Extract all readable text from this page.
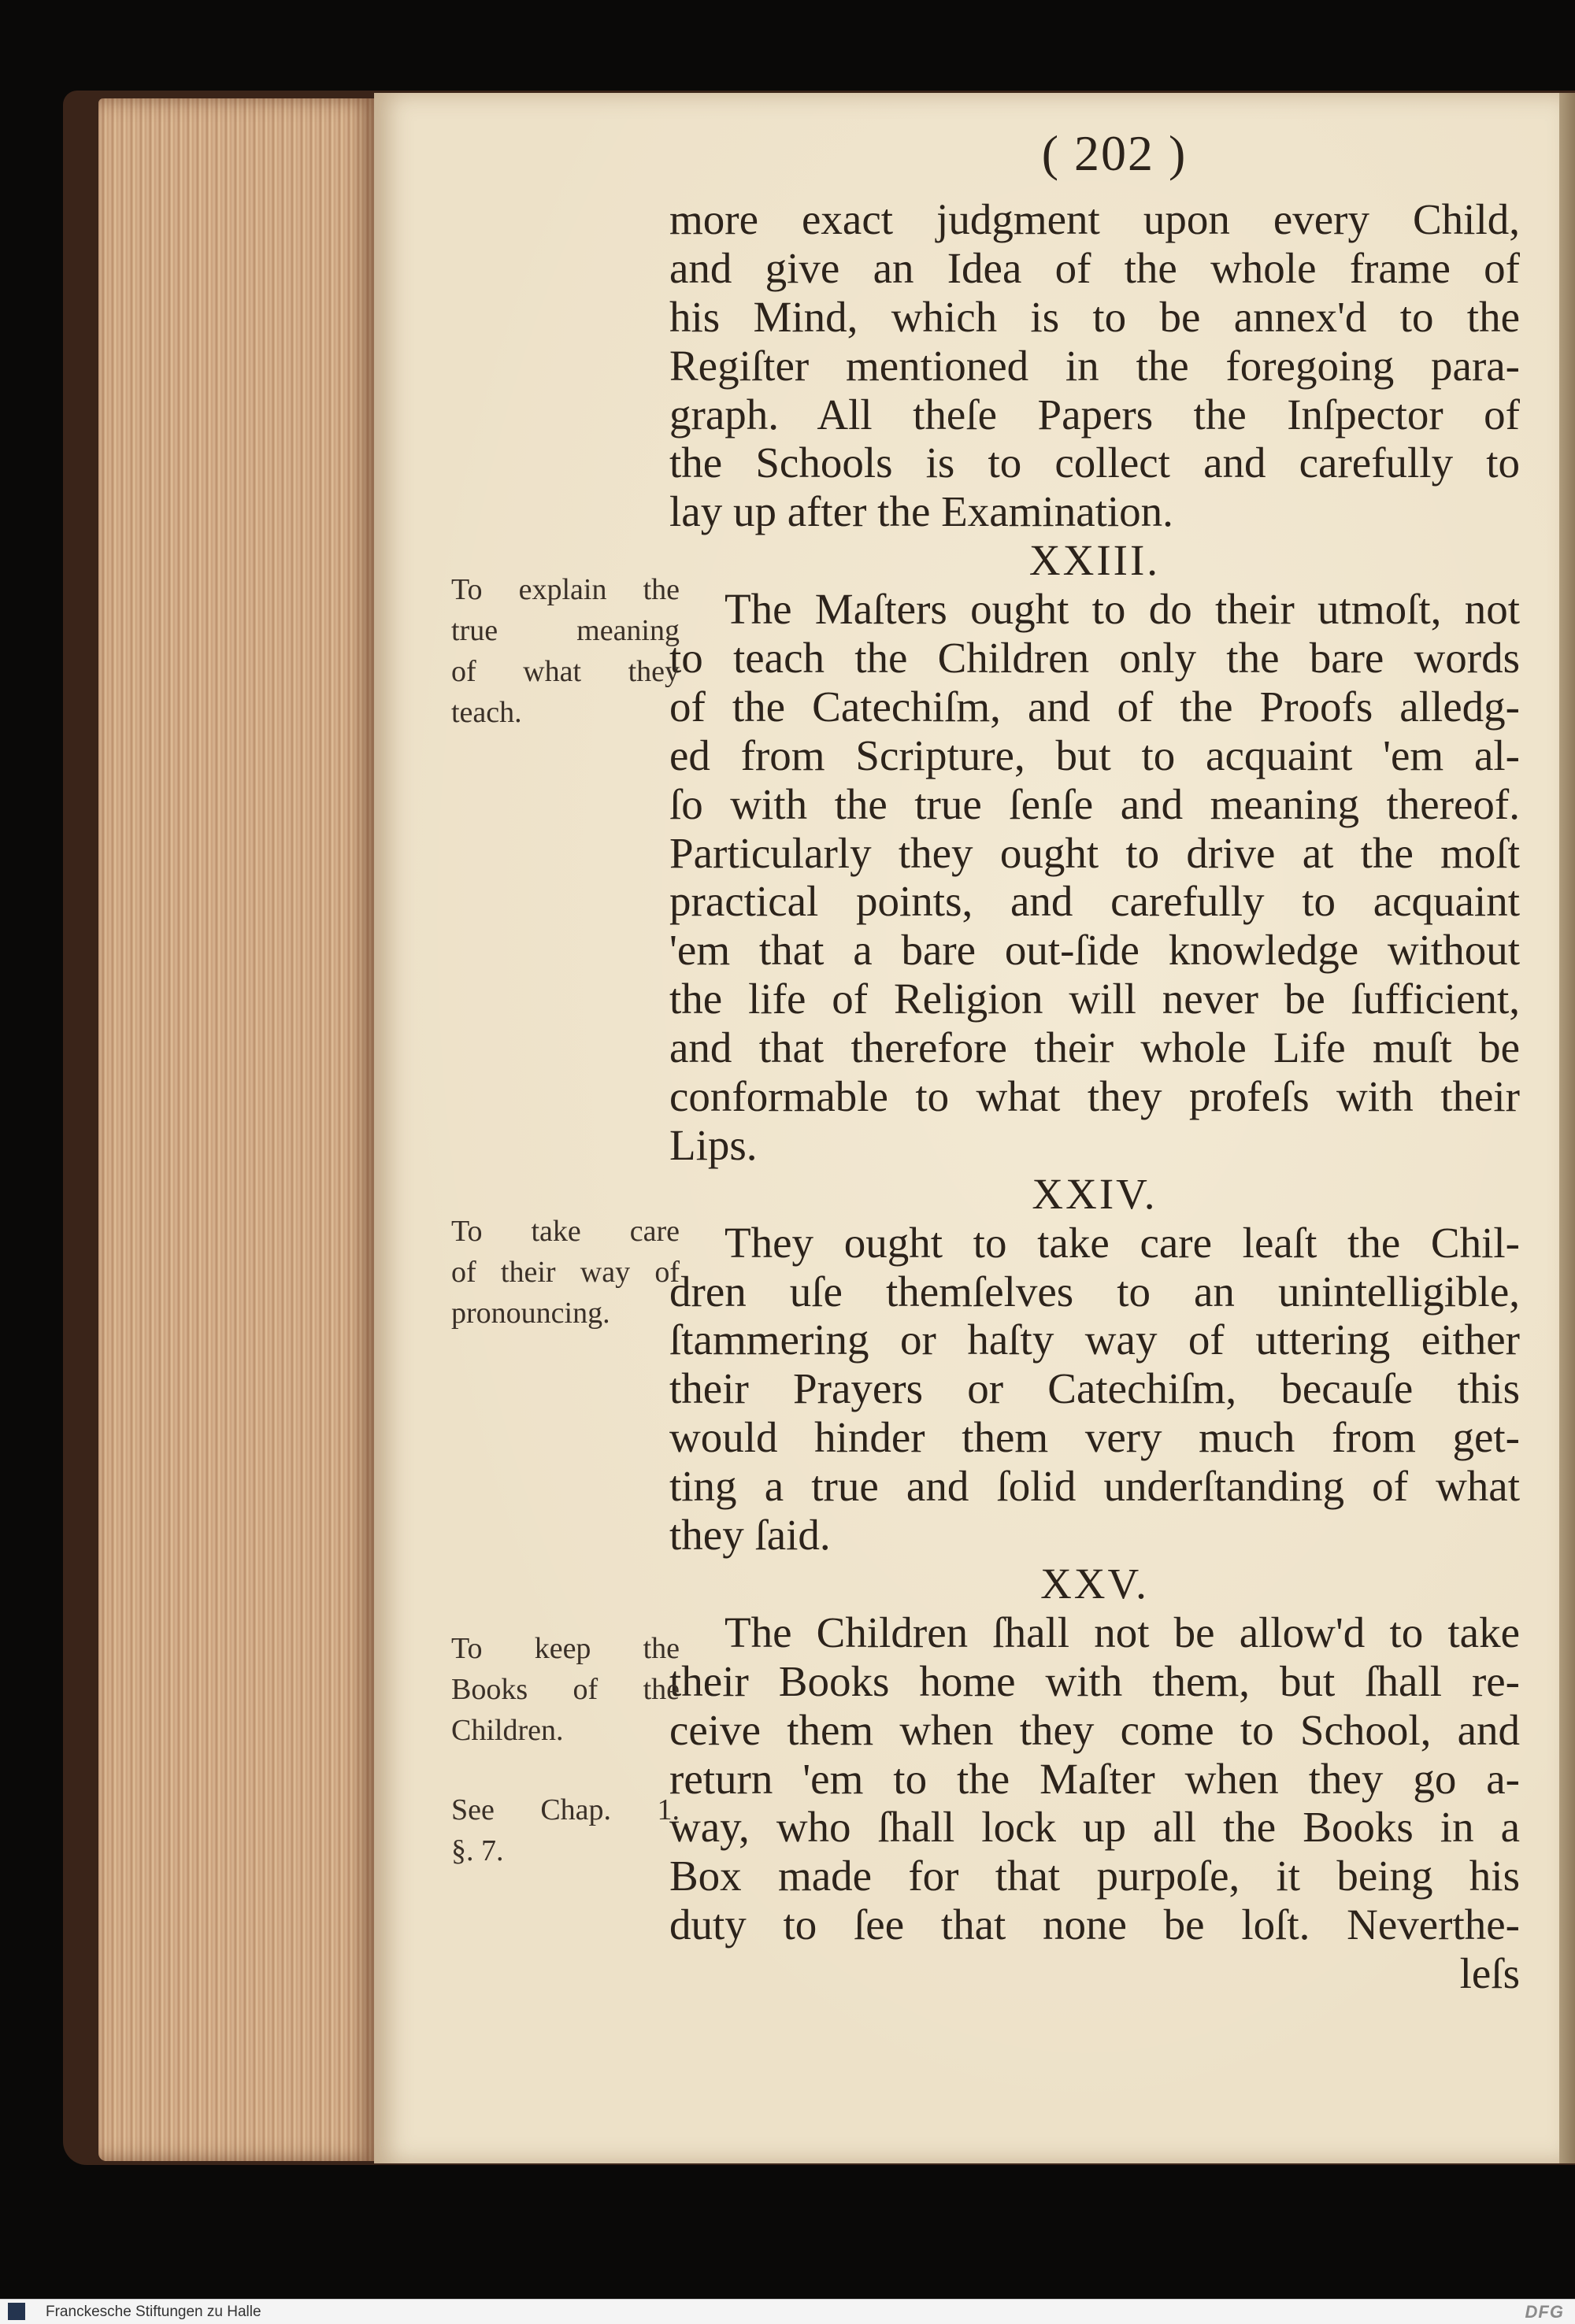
( 202 )
more exact judgment upon every Child,
and give an Idea of the whole frame of
his Mind, which is to be annex'd to the
Regiſter mentioned in the foregoing para-
graph. All theſe Papers the Inſpector of
the Schools is to collect and carefully to
lay up after the Examination.
XXIII.
The Maſters ought to do their utmoſt, not
to teach the Children only the bare words
of the Catechiſm, and of the Proofs alledg-
ed from Scripture, but to acquaint 'em al-
ſo with the true ſenſe and meaning thereof.
Particularly they ought to drive at the moſt
practical points, and carefully to acquaint
'em that a bare out-ſide knowledge without
the life of Religion will never be ſufficient,
and that therefore their whole Life muſt be
conformable to what they profeſs with their
Lips.
XXIV.
They ought to take care leaſt the Chil-
dren uſe themſelves to an unintelligible,
ſtammering or haſty way of uttering either
their Prayers or Catechiſm, becauſe this
would hinder them very much from get-
ting a true and ſolid underſtanding of what
they ſaid.
XXV.
The Children ſhall not be allow'd to take
their Books home with them, but ſhall re-
ceive them when they come to School, and
return 'em to the Maſter when they go a-
way, who ſhall lock up all the Books in a
Box made for that purpoſe, it being his
duty to ſee that none be loſt. Neverthe-
leſs
To explain the
true meaning
of what they
teach.
To take care
of their way of
pronouncing.
To keep the
Books of the
Children.
See Chap. 1.
§. 7.
Franckesche Stiftungen zu Halle	DFG
